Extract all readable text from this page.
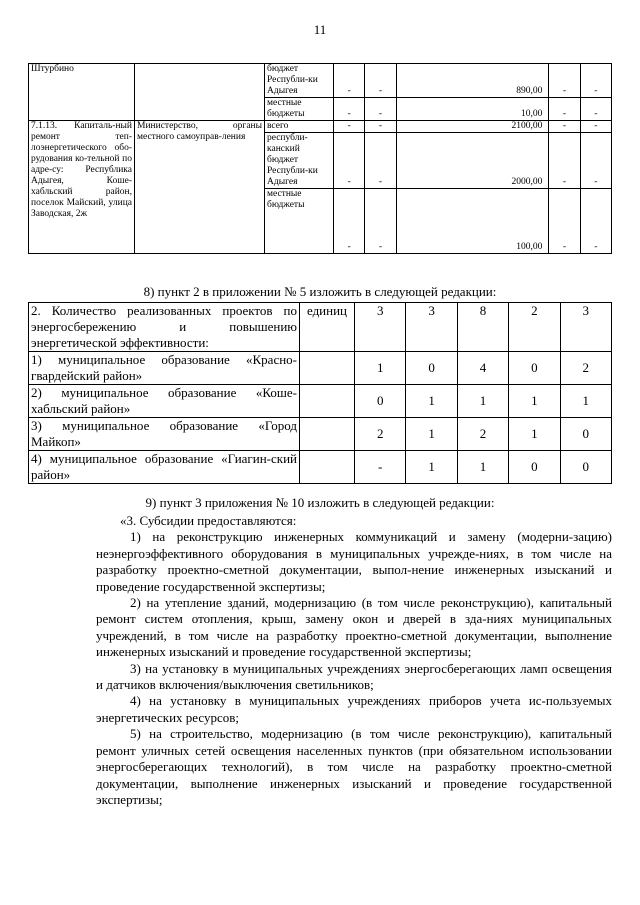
11
Штурбино		бюджет Республи-ки Адыгея	-	-	890,00	-	-
		местные бюджеты	-	-	10,00	-	-
7.1.13. Капиталь-ный ремонт теп-лоэнергетического обо-рудования ко-тельной по адре-су: Республика Адыгея, Коше-хабльский район, поселок Майский, улица Заводская, 2ж	Министерство, органы местного самоуправ-ления	всего	-	-	2100,00	-	-
		республи-канский бюджет Республи-ки Адыгея	-	-	2000,00	-	-
		местные бюджеты	-	-	100,00	-	-
8) пункт 2 в приложении № 5 изложить в следующей редакции:
2. Количество реализованных проектов по энергосбережению и повышению энергетической эффективности:	единиц	3	3	8	2	3
1) муниципальное образование «Красно-гвардейский район»		1	0	4	0	2
2) муниципальное образование «Коше-хабльский район»		0	1	1	1	1
3) муниципальное образование «Город Майкоп»		2	1	2	1	0
4) муниципальное образование «Гиагин-ский район»		-	1	1	0	0
9) пункт 3 приложения № 10 изложить в следующей редакции:

«3. Субсидии предоставляются:

1) на реконструкцию инженерных коммуникаций и замену (модерни-зацию) неэнергоэффективного оборудования в муниципальных учрежде-ниях, в том числе на разработку проектно-сметной документации, выпол-нение инженерных изысканий и проведение государственной экспертизы;

2) на утепление зданий, модернизацию (в том числе реконструкцию), капитальный ремонт систем отопления, крыш, замену окон и дверей в зда-ниях муниципальных учреждений, в том числе на разработку проектно-сметной документации, выполнение инженерных изысканий и проведение государственной экспертизы;

3) на установку в муниципальных учреждениях энергосберегающих ламп освещения и датчиков включения/выключения светильников;

4) на установку в муниципальных учреждениях приборов учета ис-пользуемых энергетических ресурсов;

5) на строительство, модернизацию (в том числе реконструкцию), капитальный ремонт уличных сетей освещения населенных пунктов (при обязательном использовании энергосберегающих технологий), в том числе на разработку проектно-сметной документации, выполнение инженерных изысканий и проведение государственной экспертизы;
